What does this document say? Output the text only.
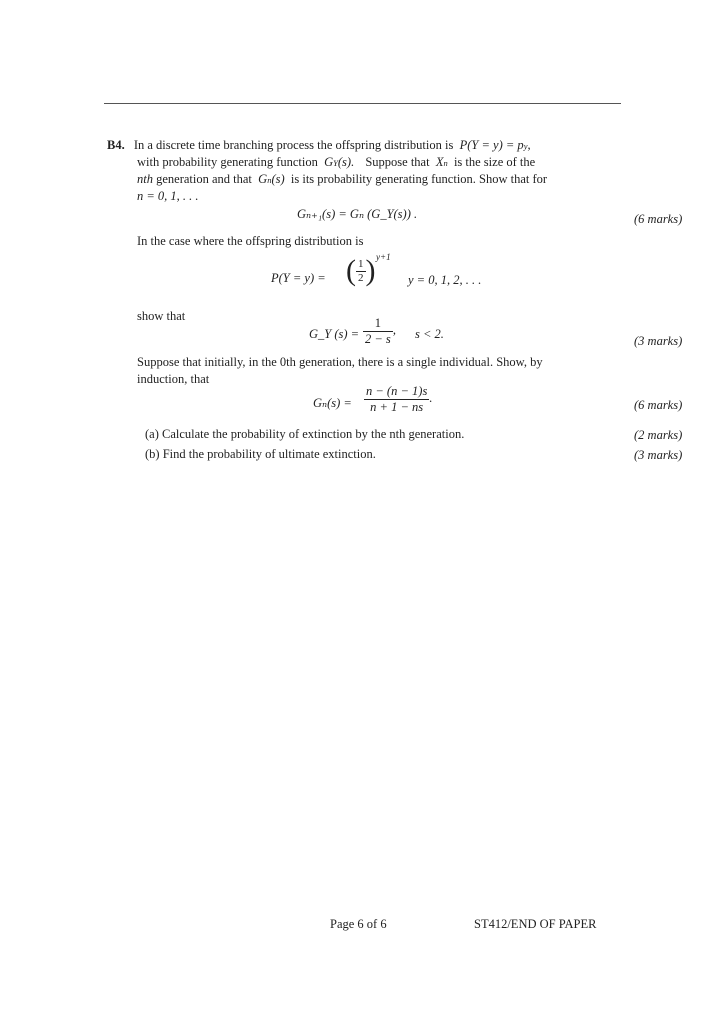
B4. In a discrete time branching process the offspring distribution is  P(Y = y) = py,
with probability generating function  GY(s). Suppose that  Xn is the size of the
nth generation and that  Gn(s)  is its probability generating function. Show that for
n = 0, 1, . . .
Gₙ₊₁(s) = Gₙ (G_Y(s)) .	(6 marks)
In the case where the offspring distribution is
P(Y = y) = ( $\frac{1}{2}$ ) y+1
y = 0, 1, 2, . . .
show that
G_Y $(s) = \frac{1}{2 - s}$ , s < 2.	(3 marks)
Suppose that initially, in the 0th generation, there is a single individual. Show, by
induction, that
$G_n(s) = \frac{n - (n - 1)s}{n + 1 - ns}$ .
(6 marks)
(a) Calculate the probability of extinction by the nth generation.	(2 marks)
(b) Find the probability of ultimate extinction.	(3 marks)
Page 6 of 6	ST412/END OF PAPER
